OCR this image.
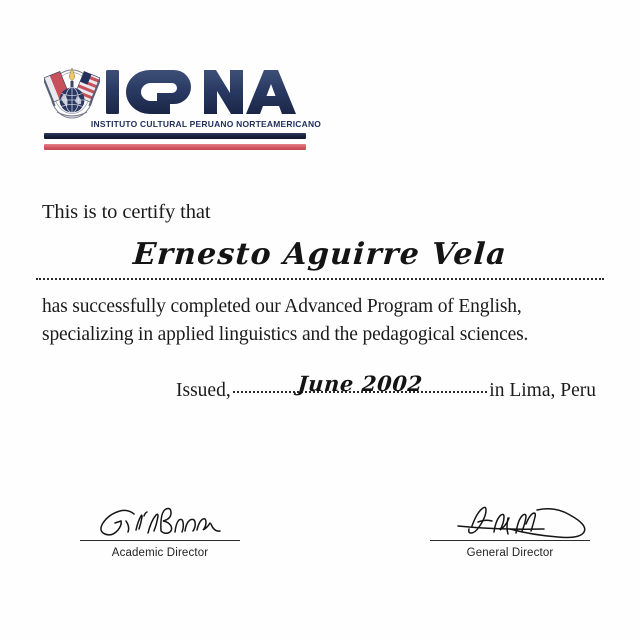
INSTITUTO CULTURAL PERUANO NORTEAMERICANO
This is to certify that
Ernesto Aguirre Vela
has successfully completed our Advanced Program of English,
specializing in applied linguistics and the pedagogical sciences.
Issued,	June 2002	in Lima, Peru
Academic Director	General Director
